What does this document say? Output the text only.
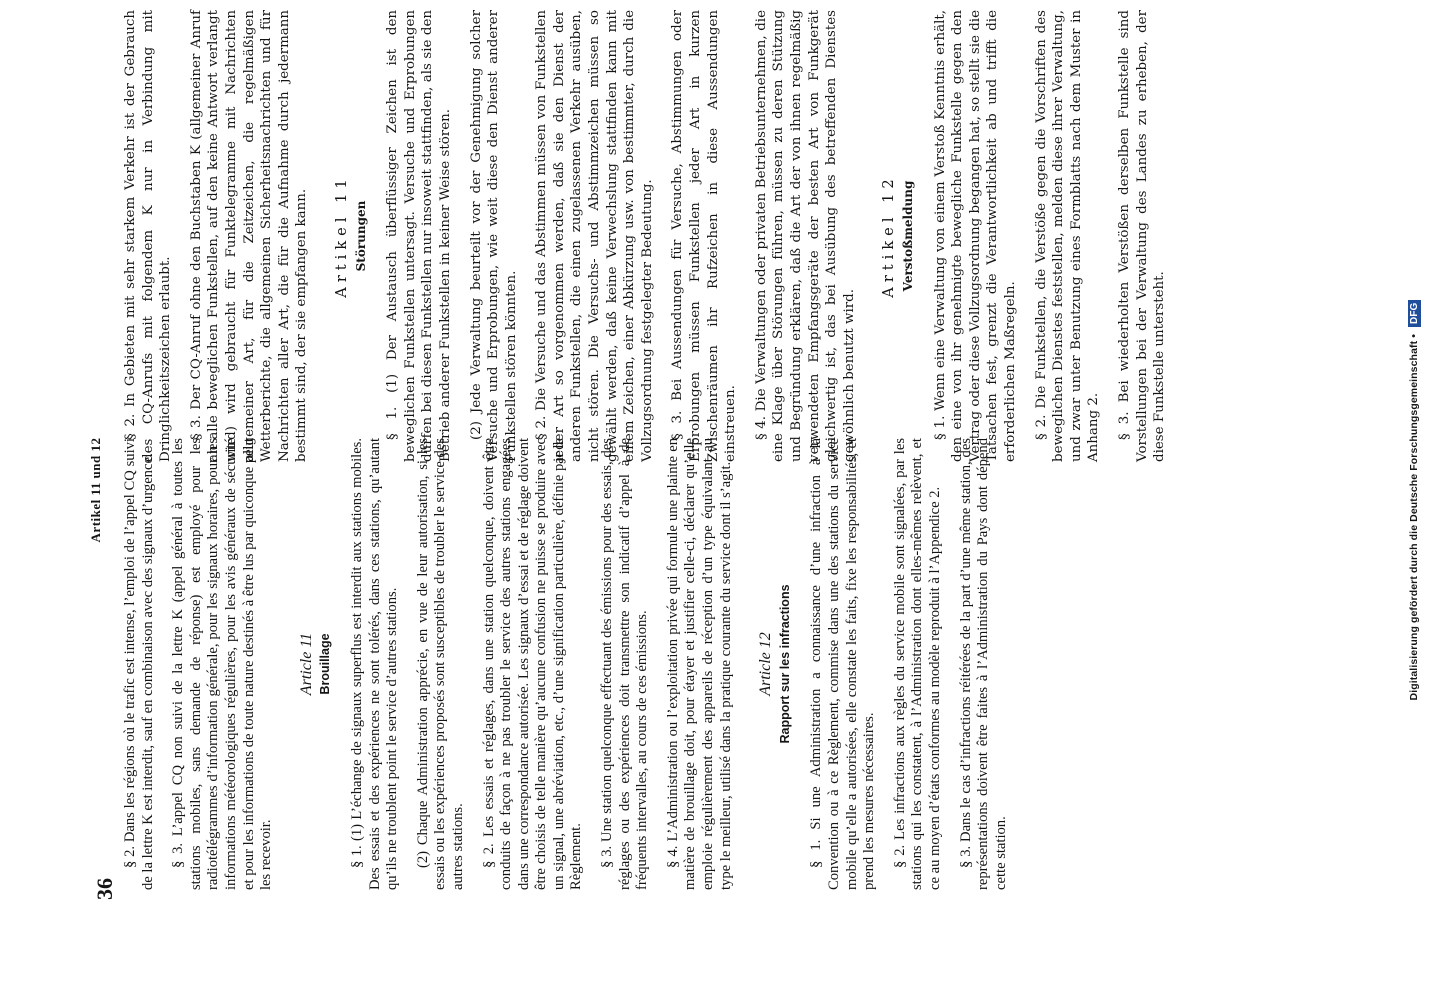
36
Artikel 11 und 12 § 2. Dans les régions où le trafic est intense, l’emploi de l’appel CQ suivi de la lettre K est interdit, sauf en combinaison avec des signaux d’urgence. § 3. L’appel CQ non suivi de la lettre K (appel général à toutes les stations mobiles, sans demande de réponse) est employé pour les radiotélégrammes d’information générale, pour les signaux horaires, pour les informations météorologiques régulières, pour les avis généraux de sécurité et pour les informations de toute nature destinés à être lus par quiconque peut les recevoir.

Article 11 Brouillage § 1. (1) L’échange de signaux superflus est interdit aux stations mobiles. Des essais et des expériences ne sont tolérés, dans ces stations, qu’autant qu’ils ne troublent point le service d’autres stations. (2) Chaque Administration apprécie, en vue de leur autorisation, si les essais ou les expériences proposés sont susceptibles de troubler le service des autres stations. § 2. Les essais et réglages, dans une station quelconque, doivent être conduits de façon à ne pas troubler le service des autres stations engagées dans une correspondance autorisée. Les signaux d’essai et de réglage doivent être choisis de telle manière qu’aucune confusion ne puisse se produire avec un signal, une abréviation, etc., d’une signification particulière, définie par le Règlement. § 3. Une station quelconque effectuant des émissions pour des essais, des réglages ou des expériences doit transmettre son indicatif d’appel à de fréquents intervalles, au cours de ces émissions. § 4. L’Administration ou l’exploitation privée qui formule une plainte en matière de brouillage doit, pour étayer et justifier celle-ci, déclarer qu’elle emploie régulièrement des appareils de réception d’un type équivalant au type le meilleur, utilisé dans la pratique courante du service dont il s’agit. Article 12 Rapport sur les infractions § 1. Si une Administration a connaissance d’une infraction à la Convention ou à ce Règlement, commise dans une des stations du service mobile qu’elle a autorisées, elle constate les faits, fixe les responsabilités, et prend les mesures nécessaires. § 2. Les infractions aux règles du service mobile sont signalées, par les stations qui les constatent, à l’Administration dont elles-mêmes relèvent, et ce au moyen d’états conformes au modèle reproduit à l’Appendice 2. § 3. Dans le cas d’infractions réitérées de la part d’une même station, des représentations doivent être faites à l’Administration du Pays dont dépend cette station.

§ 2. In Gebieten mit sehr starkem Verkehr ist der Gebrauch des CQ-Anrufs mit folgendem K nur in Verbindung mit Dringlichkeitszeichen erlaubt. § 3. Der CQ-Anruf ohne den Buchstaben K (allgemeiner Anruf an alle beweglichen Funkstellen, auf den keine Antwort verlangt wird) wird gebraucht für Funktelegramme mit Nachrichten allgemeiner Art, für die Zeitzeichen, die regelmäßigen Wetterberichte, die allgemeinen Sicherheitsnachrichten und für Nachrichten aller Art, die für die Aufnahme durch jedermann bestimmt sind, der sie empfangen kann. Artikel 11 Störungen § 1. (1) Der Austausch überflüssiger Zeichen ist den beweglichen Funkstellen untersagt. Versuche und Erprobungen dürfen bei diesen Funkstellen nur insoweit stattfinden, als sie den Betrieb anderer Funkstellen in keiner Weise stören. (2) Jede Verwaltung beurteilt vor der Genehmigung solcher Versuche und Erprobungen, wie weit diese den Dienst anderer Funkstellen stören könnten. § 2. Die Versuche und das Abstimmen müssen von Funkstellen jeder Art so vorgenommen werden, daß sie den Dienst der anderen Funkstellen, die einen zugelassenen Verkehr ausüben, nicht stören. Die Versuchs- und Abstimmzeichen müssen so gewählt werden, daß keine Verwechslung stattfinden kann mit einem Zeichen, einer Abkürzung usw. von bestimmter, durch die Vollzugsordnung festgelegter Bedeutung. § 3. Bei Aussendungen für Versuche, Abstimmungen oder Erprobungen müssen Funkstellen jeder Art in kurzen Zwischenräumen ihr Rufzeichen in diese Aussendungen einstreuen. § 4. Die Verwaltungen oder privaten Betriebsunternehmen, die eine Klage über Störungen führen, müssen zu deren Stützung und Begründung erklären, daß die Art der von ihnen regelmäßig verwendeten Empfangsgeräte der besten Art von Funkgerät gleichwertig ist, das bei Ausübung des betreffenden Dienstes gewöhnlich benutzt wird.

Artikel 12 Verstoßmeldung § 1. Wenn eine Verwaltung von einem Verstoß Kenntnis erhält, den eine von ihr genehmigte bewegliche Funkstelle gegen den Vertrag oder diese Vollzugsordnung begangen hat, so stellt sie die Tatsachen fest, grenzt die Verantwortlichkeit ab und trifft die erforderlichen Maßregeln. § 2. Die Funkstellen, die Verstöße gegen die Vorschriften des beweglichen Dienstes feststellen, melden diese ihrer Verwaltung, und zwar unter Benutzung eines Formblatts nach dem Muster in Anhang 2. § 3. Bei wiederholten Verstößen derselben Funkstelle sind Vorstellungen bei der Verwaltung des Landes zu erheben, der diese Funkstelle untersteht.	Digitalisierung gefördert durch die Deutsche Forschungsgemeinschaft • DFG
